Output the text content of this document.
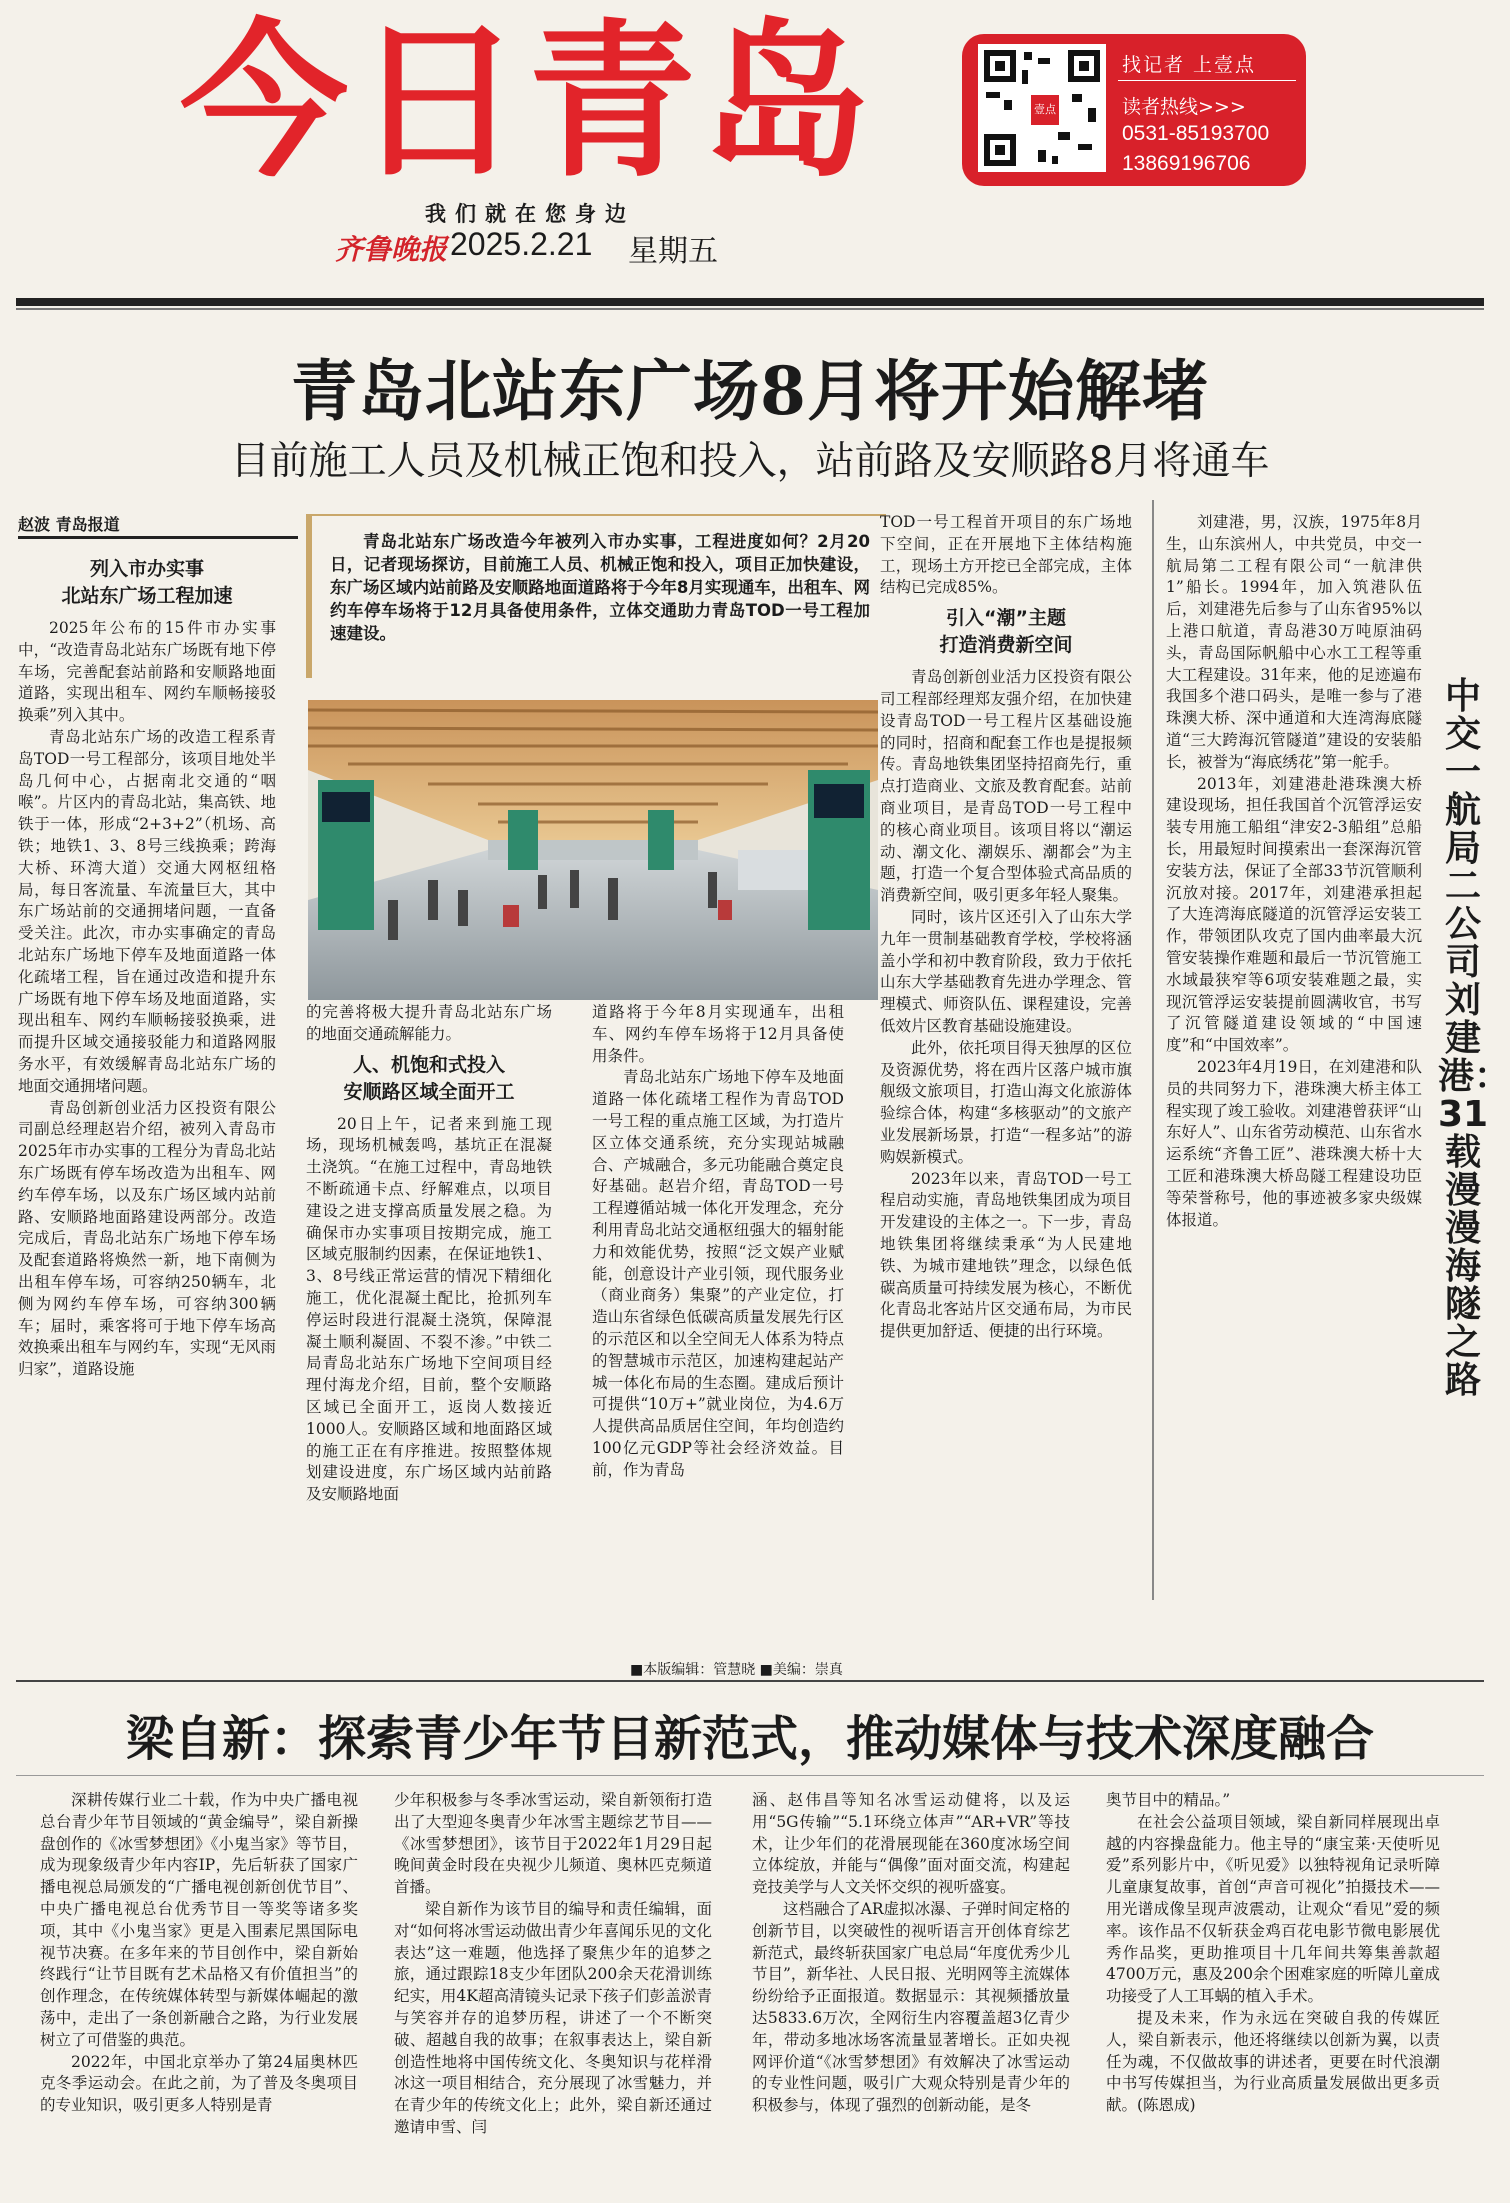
今日青岛
我们就在您身边
齐鲁晚报 2025.2.21 星期五
壹点
找记者 上壹点
读者热线>>>
0531-85193700
13869196706
青岛北站东广场8月将开始解堵
目前施工人员及机械正饱和投入，站前路及安顺路8月将通车
赵波 青岛报道
青岛北站东广场改造今年被列入市办实事，工程进度如何？2月20日，记者现场探访，目前施工人员、机械正饱和投入，项目正加快建设，东广场区域内站前路及安顺路地面道路将于今年8月实现通车，出租车、网约车停车场将于12月具备使用条件，立体交通助力青岛TOD一号工程加速建设。
列入市办实事
北站东广场工程加速

2025年公布的15件市办实事中，“改造青岛北站东广场既有地下停车场，完善配套站前路和安顺路地面道路，实现出租车、网约车顺畅接驳换乘”列入其中。

青岛北站东广场的改造工程系青岛TOD一号工程部分，该项目地处半岛几何中心，占据南北交通的“咽喉”。片区内的青岛北站，集高铁、地铁于一体，形成“2+3+2”（机场、高铁；地铁1、3、8号三线换乘；跨海大桥、环湾大道）交通大网枢纽格局，每日客流量、车流量巨大，其中东广场站前的交通拥堵问题，一直备受关注。此次，市办实事确定的青岛北站东广场地下停车及地面道路一体化疏堵工程，旨在通过改造和提升东广场既有地下停车场及地面道路，实现出租车、网约车顺畅接驳换乘，进而提升区域交通接驳能力和道路网服务水平，有效缓解青岛北站东广场的地面交通拥堵问题。

青岛创新创业活力区投资有限公司副总经理赵岩介绍，被列入青岛市2025年市办实事的工程分为青岛北站东广场既有停车场改造为出租车、网约车停车场，以及东广场区域内站前路、安顺路地面路建设两部分。改造完成后，青岛北站东广场地下停车场及配套道路将焕然一新，地下南侧为出租车停车场，可容纳250辆车，北侧为网约车停车场，可容纳300辆车；届时，乘客将可于地下停车场高效换乘出租车与网约车，实现“无风雨归家”，道路设施

的完善将极大提升青岛北站东广场的地面交通疏解能力。
人、机饱和式投入
安顺路区域全面开工

20日上午，记者来到施工现场，现场机械轰鸣，基坑正在混凝土浇筑。“在施工过程中，青岛地铁不断疏通卡点、纾解难点，以项目建设之进支撑高质量发展之稳。为确保市办实事项目按期完成，施工区域克服制约因素，在保证地铁1、3、8号线正常运营的情况下精细化施工，优化混凝土配比，抢抓列车停运时段进行混凝土浇筑，保障混凝土顺利凝固、不裂不渗。”中铁二局青岛北站东广场地下空间项目经理付海龙介绍，目前，整个安顺路区域已全面开工，返岗人数接近1000人。安顺路区域和地面路区域的施工正在有序推进。按照整体规划建设进度，东广场区域内站前路及安顺路地面

道路将于今年8月实现通车，出租车、网约车停车场将于12月具备使用条件。

青岛北站东广场地下停车及地面道路一体化疏堵工程作为青岛TOD一号工程的重点施工区域，为打造片区立体交通系统，充分实现站城融合、产城融合，多元功能融合奠定良好基础。赵岩介绍，青岛TOD一号工程遵循站城一体化开发理念，充分利用青岛北站交通枢纽强大的辐射能力和效能优势，按照“泛文娱产业赋能，创意设计产业引领，现代服务业（商业商务）集聚”的产业定位，打造山东省绿色低碳高质量发展先行区的示范区和以全空间无人体系为特点的智慧城市示范区，加速构建起站产城一体化布局的生态圈。建成后预计可提供“10万+”就业岗位，为4.6万人提供高品质居住空间，年均创造约100亿元GDP等社会经济效益。目前，作为青岛

TOD一号工程首开项目的东广场地下空间，正在开展地下主体结构施工，现场土方开挖已全部完成，主体结构已完成85%。
引入“潮”主题
打造消费新空间

青岛创新创业活力区投资有限公司工程部经理郑友强介绍，在加快建设青岛TOD一号工程片区基础设施的同时，招商和配套工作也是提报频传。青岛地铁集团坚持招商先行，重点打造商业、文旅及教育配套。站前商业项目，是青岛TOD一号工程中的核心商业项目。该项目将以“潮运动、潮文化、潮娱乐、潮都会”为主题，打造一个复合型体验式高品质的消费新空间，吸引更多年轻人聚集。

同时，该片区还引入了山东大学九年一贯制基础教育学校，学校将涵盖小学和初中教育阶段，致力于依托山东大学基础教育先进办学理念、管理模式、师资队伍、课程建设，完善低效片区教育基础设施建设。

此外，依托项目得天独厚的区位及资源优势，将在西片区落户城市旗舰级文旅项目，打造山海文化旅游体验综合体，构建“多核驱动”的文旅产业发展新场景，打造“一程多站”的游购娱新模式。

2023年以来，青岛TOD一号工程启动实施，青岛地铁集团成为项目开发建设的主体之一。下一步，青岛地铁集团将继续秉承“为人民建地铁、为城市建地铁”理念，以绿色低碳高质量可持续发展为核心，不断优化青岛北客站片区交通布局，为市民提供更加舒适、便捷的出行环境。

刘建港，男，汉族，1975年8月生，山东滨州人，中共党员，中交一航局第二工程有限公司“一航津供1”船长。1994年，加入筑港队伍后，刘建港先后参与了山东省95%以上港口航道，青岛港30万吨原油码头，青岛国际帆船中心水工工程等重大工程建设。31年来，他的足迹遍布我国多个港口码头，是唯一参与了港珠澳大桥、深中通道和大连湾海底隧道“三大跨海沉管隧道”建设的安装船长，被誉为“海底绣花”第一舵手。

2013年，刘建港赴港珠澳大桥建设现场，担任我国首个沉管浮运安装专用施工船组“津安2-3船组”总船长，用最短时间摸索出一套深海沉管安装方法，保证了全部33节沉管顺利沉放对接。2017年，刘建港承担起了大连湾海底隧道的沉管浮运安装工作，带领团队攻克了国内曲率最大沉管安装操作难题和最后一节沉管施工水域最狭窄等6项安装难题之最，实现沉管浮运安装提前圆满收官，书写了沉管隧道建设领域的“中国速度”和“中国效率”。

2023年4月19日，在刘建港和队员的共同努力下，港珠澳大桥主体工程实现了竣工验收。刘建港曾获评“山东好人”、山东省劳动模范、山东省水运系统“齐鲁工匠”、港珠澳大桥十大工匠和港珠澳大桥岛隧工程建设功臣等荣誉称号，他的事迹被多家央级媒体报道。

中交一航局二公司刘建港：31载漫漫海隧之路
■本版编辑：管慧晓 ■美编：崇真
梁自新：探索青少年节目新范式，推动媒体与技术深度融合

深耕传媒行业二十载，作为中央广播电视总台青少年节目领域的“黄金编导”，梁自新操盘创作的《冰雪梦想团》《小鬼当家》等节目，成为现象级青少年内容IP，先后斩获了国家广播电视总局颁发的“广播电视创新创优节目”、中央广播电视总台优秀节目一等奖等诸多奖项，其中《小鬼当家》更是入围素尼黑国际电视节决赛。在多年来的节目创作中，梁自新始终践行“让节目既有艺术品格又有价值担当”的创作理念，在传统媒体转型与新媒体崛起的激荡中，走出了一条创新融合之路，为行业发展树立了可借鉴的典范。

2022年，中国北京举办了第24届奥林匹克冬季运动会。在此之前，为了普及冬奥项目的专业知识，吸引更多人特别是青

少年积极参与冬季冰雪运动，梁自新领衔打造出了大型迎冬奥青少年冰雪主题综艺节目——《冰雪梦想团》，该节目于2022年1月29日起晚间黄金时段在央视少儿频道、奥林匹克频道首播。

梁自新作为该节目的编导和责任编辑，面对“如何将冰雪运动做出青少年喜闻乐见的文化表达”这一难题，他选择了聚焦少年的追梦之旅，通过跟踪18支少年团队200余天花滑训练纪实，用4K超高清镜头记录下孩子们彭盖淤青与笑容并存的追梦历程，讲述了一个不断突破、超越自我的故事；在叙事表达上，梁自新创造性地将中国传统文化、冬奥知识与花样滑冰这一项目相结合，充分展现了冰雪魅力，并在青少年的传统文化上；此外，梁自新还通过邀请申雪、闫

涵、赵伟昌等知名冰雪运动健将，以及运用“5G传输”“5.1环绕立体声”“AR+VR”等技术，让少年们的花滑展现能在360度冰场空间立体绽放，并能与“偶像”面对面交流，构建起竞技美学与人文关怀交织的视听盛宴。

这档融合了AR虚拟冰瀑、子弹时间定格的创新节目，以突破性的视听语言开创体育综艺新范式，最终斩获国家广电总局“年度优秀少儿节目”，新华社、人民日报、光明网等主流媒体纷纷给予正面报道。数据显示：其视频播放量达5833.6万次，全网衍生内容覆盖超3亿青少年，带动多地冰场客流量显著增长。正如央视网评价道“《冰雪梦想团》有效解决了冰雪运动的专业性问题，吸引广大观众特别是青少年的积极参与，体现了强烈的创新动能，是冬

奥节目中的精品。”

在社会公益项目领域，梁自新同样展现出卓越的内容操盘能力。他主导的“康宝莱·天使听见爱”系列影片中，《听见爱》以独特视角记录听障儿童康复故事，首创“声音可视化”拍摄技术——用光谱成像呈现声波震动，让观众“看见”爱的频率。该作品不仅斩获金鸡百花电影节微电影展优秀作品奖，更助推项目十几年间共筹集善款超4700万元，惠及200余个困难家庭的听障儿童成功接受了人工耳蜗的植入手术。

提及未来，作为永远在突破自我的传媒匠人，梁自新表示，他还将继续以创新为翼，以责任为魂，不仅做故事的讲述者，更要在时代浪潮中书写传媒担当，为行业高质量发展做出更多贡献。(陈恩成)
